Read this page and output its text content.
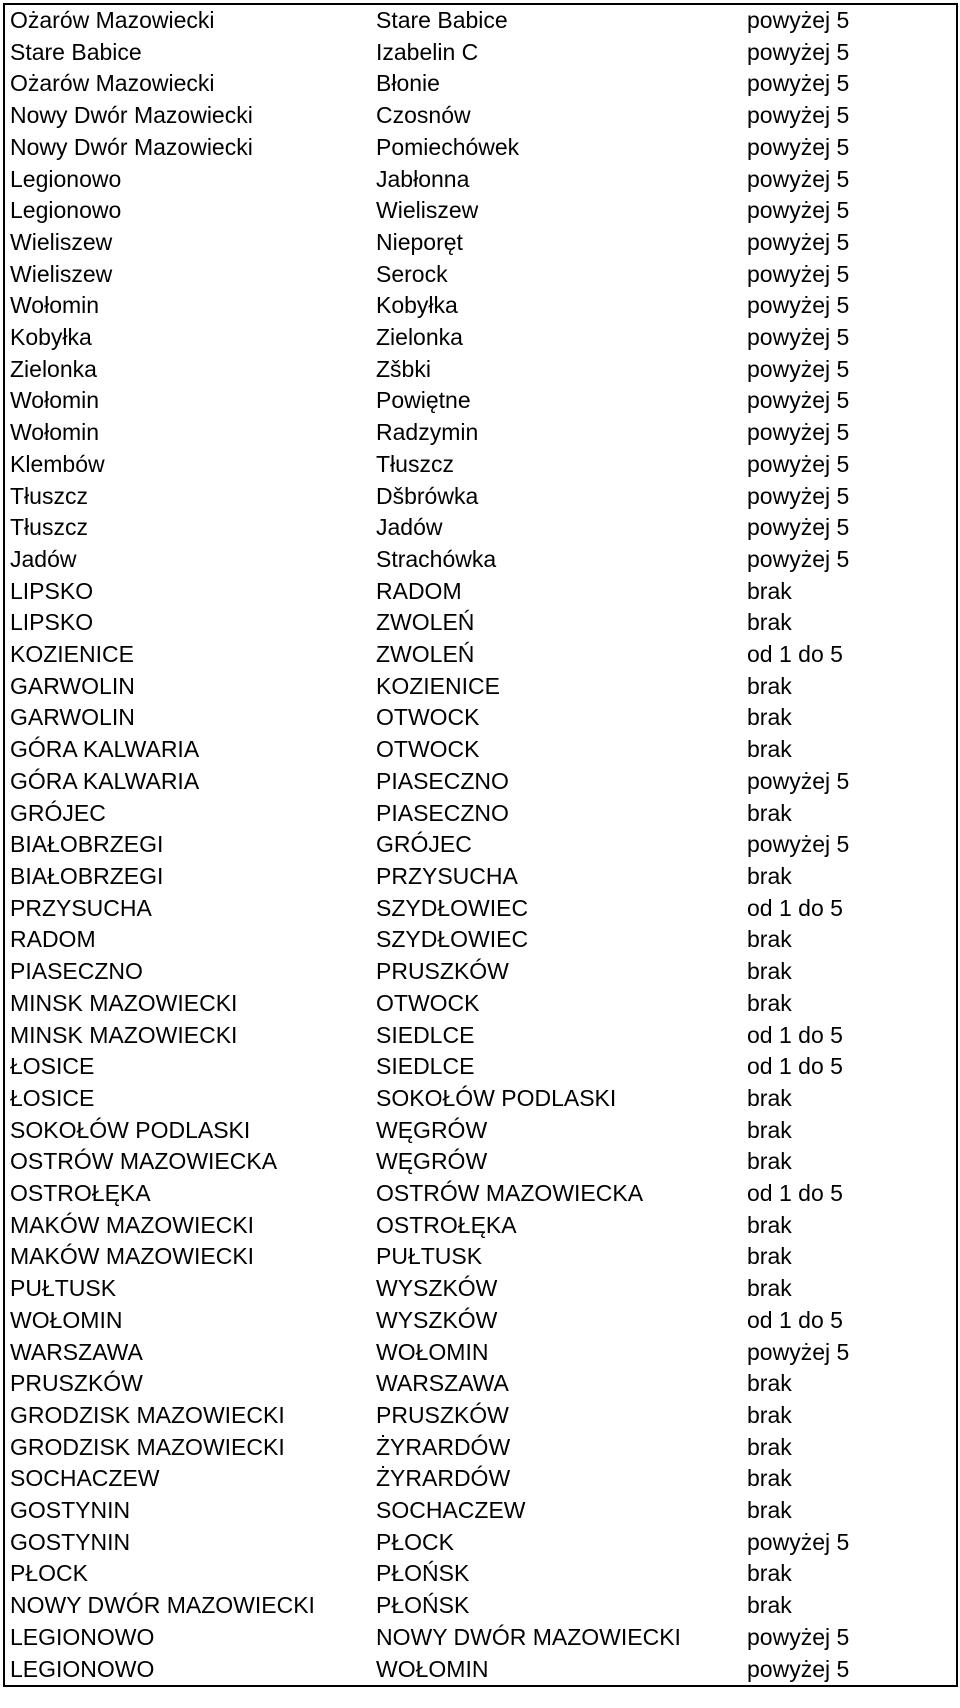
Ożarów Mazowiecki	Stare Babice	powyżej 5
Stare Babice	Izabelin C	powyżej 5
Ożarów Mazowiecki	Błonie	powyżej 5
Nowy Dwór Mazowiecki	Czosnów	powyżej 5
Nowy Dwór Mazowiecki	Pomiechówek	powyżej 5
Legionowo	Jabłonna	powyżej 5
Legionowo	Wieliszew	powyżej 5
Wieliszew	Nieporęt	powyżej 5
Wieliszew	Serock	powyżej 5
Wołomin	Kobyłka	powyżej 5
Kobyłka	Zielonka	powyżej 5
Zielonka	Zšbki	powyżej 5
Wołomin	Powiętne	powyżej 5
Wołomin	Radzymin	powyżej 5
Klembów	Tłuszcz	powyżej 5
Tłuszcz	Dšbrówka	powyżej 5
Tłuszcz	Jadów	powyżej 5
Jadów	Strachówka	powyżej 5
LIPSKO	RADOM	brak
LIPSKO	ZWOLEŃ	brak
KOZIENICE	ZWOLEŃ	od 1 do 5
GARWOLIN	KOZIENICE	brak
GARWOLIN	OTWOCK	brak
GÓRA KALWARIA	OTWOCK	brak
GÓRA KALWARIA	PIASECZNO	powyżej 5
GRÓJEC	PIASECZNO	brak
BIAŁOBRZEGI	GRÓJEC	powyżej 5
BIAŁOBRZEGI	PRZYSUCHA	brak
PRZYSUCHA	SZYDŁOWIEC	od 1 do 5
RADOM	SZYDŁOWIEC	brak
PIASECZNO	PRUSZKÓW	brak
MINSK MAZOWIECKI	OTWOCK	brak
MINSK MAZOWIECKI	SIEDLCE	od 1 do 5
ŁOSICE	SIEDLCE	od 1 do 5
ŁOSICE	SOKOŁÓW PODLASKI	brak
SOKOŁÓW PODLASKI	WĘGRÓW	brak
OSTRÓW MAZOWIECKA	WĘGRÓW	brak
OSTROŁĘKA	OSTRÓW MAZOWIECKA	od 1 do 5
MAKÓW MAZOWIECKI	OSTROŁĘKA	brak
MAKÓW MAZOWIECKI	PUŁTUSK	brak
PUŁTUSK	WYSZKÓW	brak
WOŁOMIN	WYSZKÓW	od 1 do 5
WARSZAWA	WOŁOMIN	powyżej 5
PRUSZKÓW	WARSZAWA	brak
GRODZISK MAZOWIECKI	PRUSZKÓW	brak
GRODZISK MAZOWIECKI	ŻYRARDÓW	brak
SOCHACZEW	ŻYRARDÓW	brak
GOSTYNIN	SOCHACZEW	brak
GOSTYNIN	PŁOCK	powyżej 5
PŁOCK	PŁOŃSK	brak
NOWY DWÓR MAZOWIECKI	PŁOŃSK	brak
LEGIONOWO	NOWY DWÓR MAZOWIECKI	powyżej 5
LEGIONOWO	WOŁOMIN	powyżej 5
